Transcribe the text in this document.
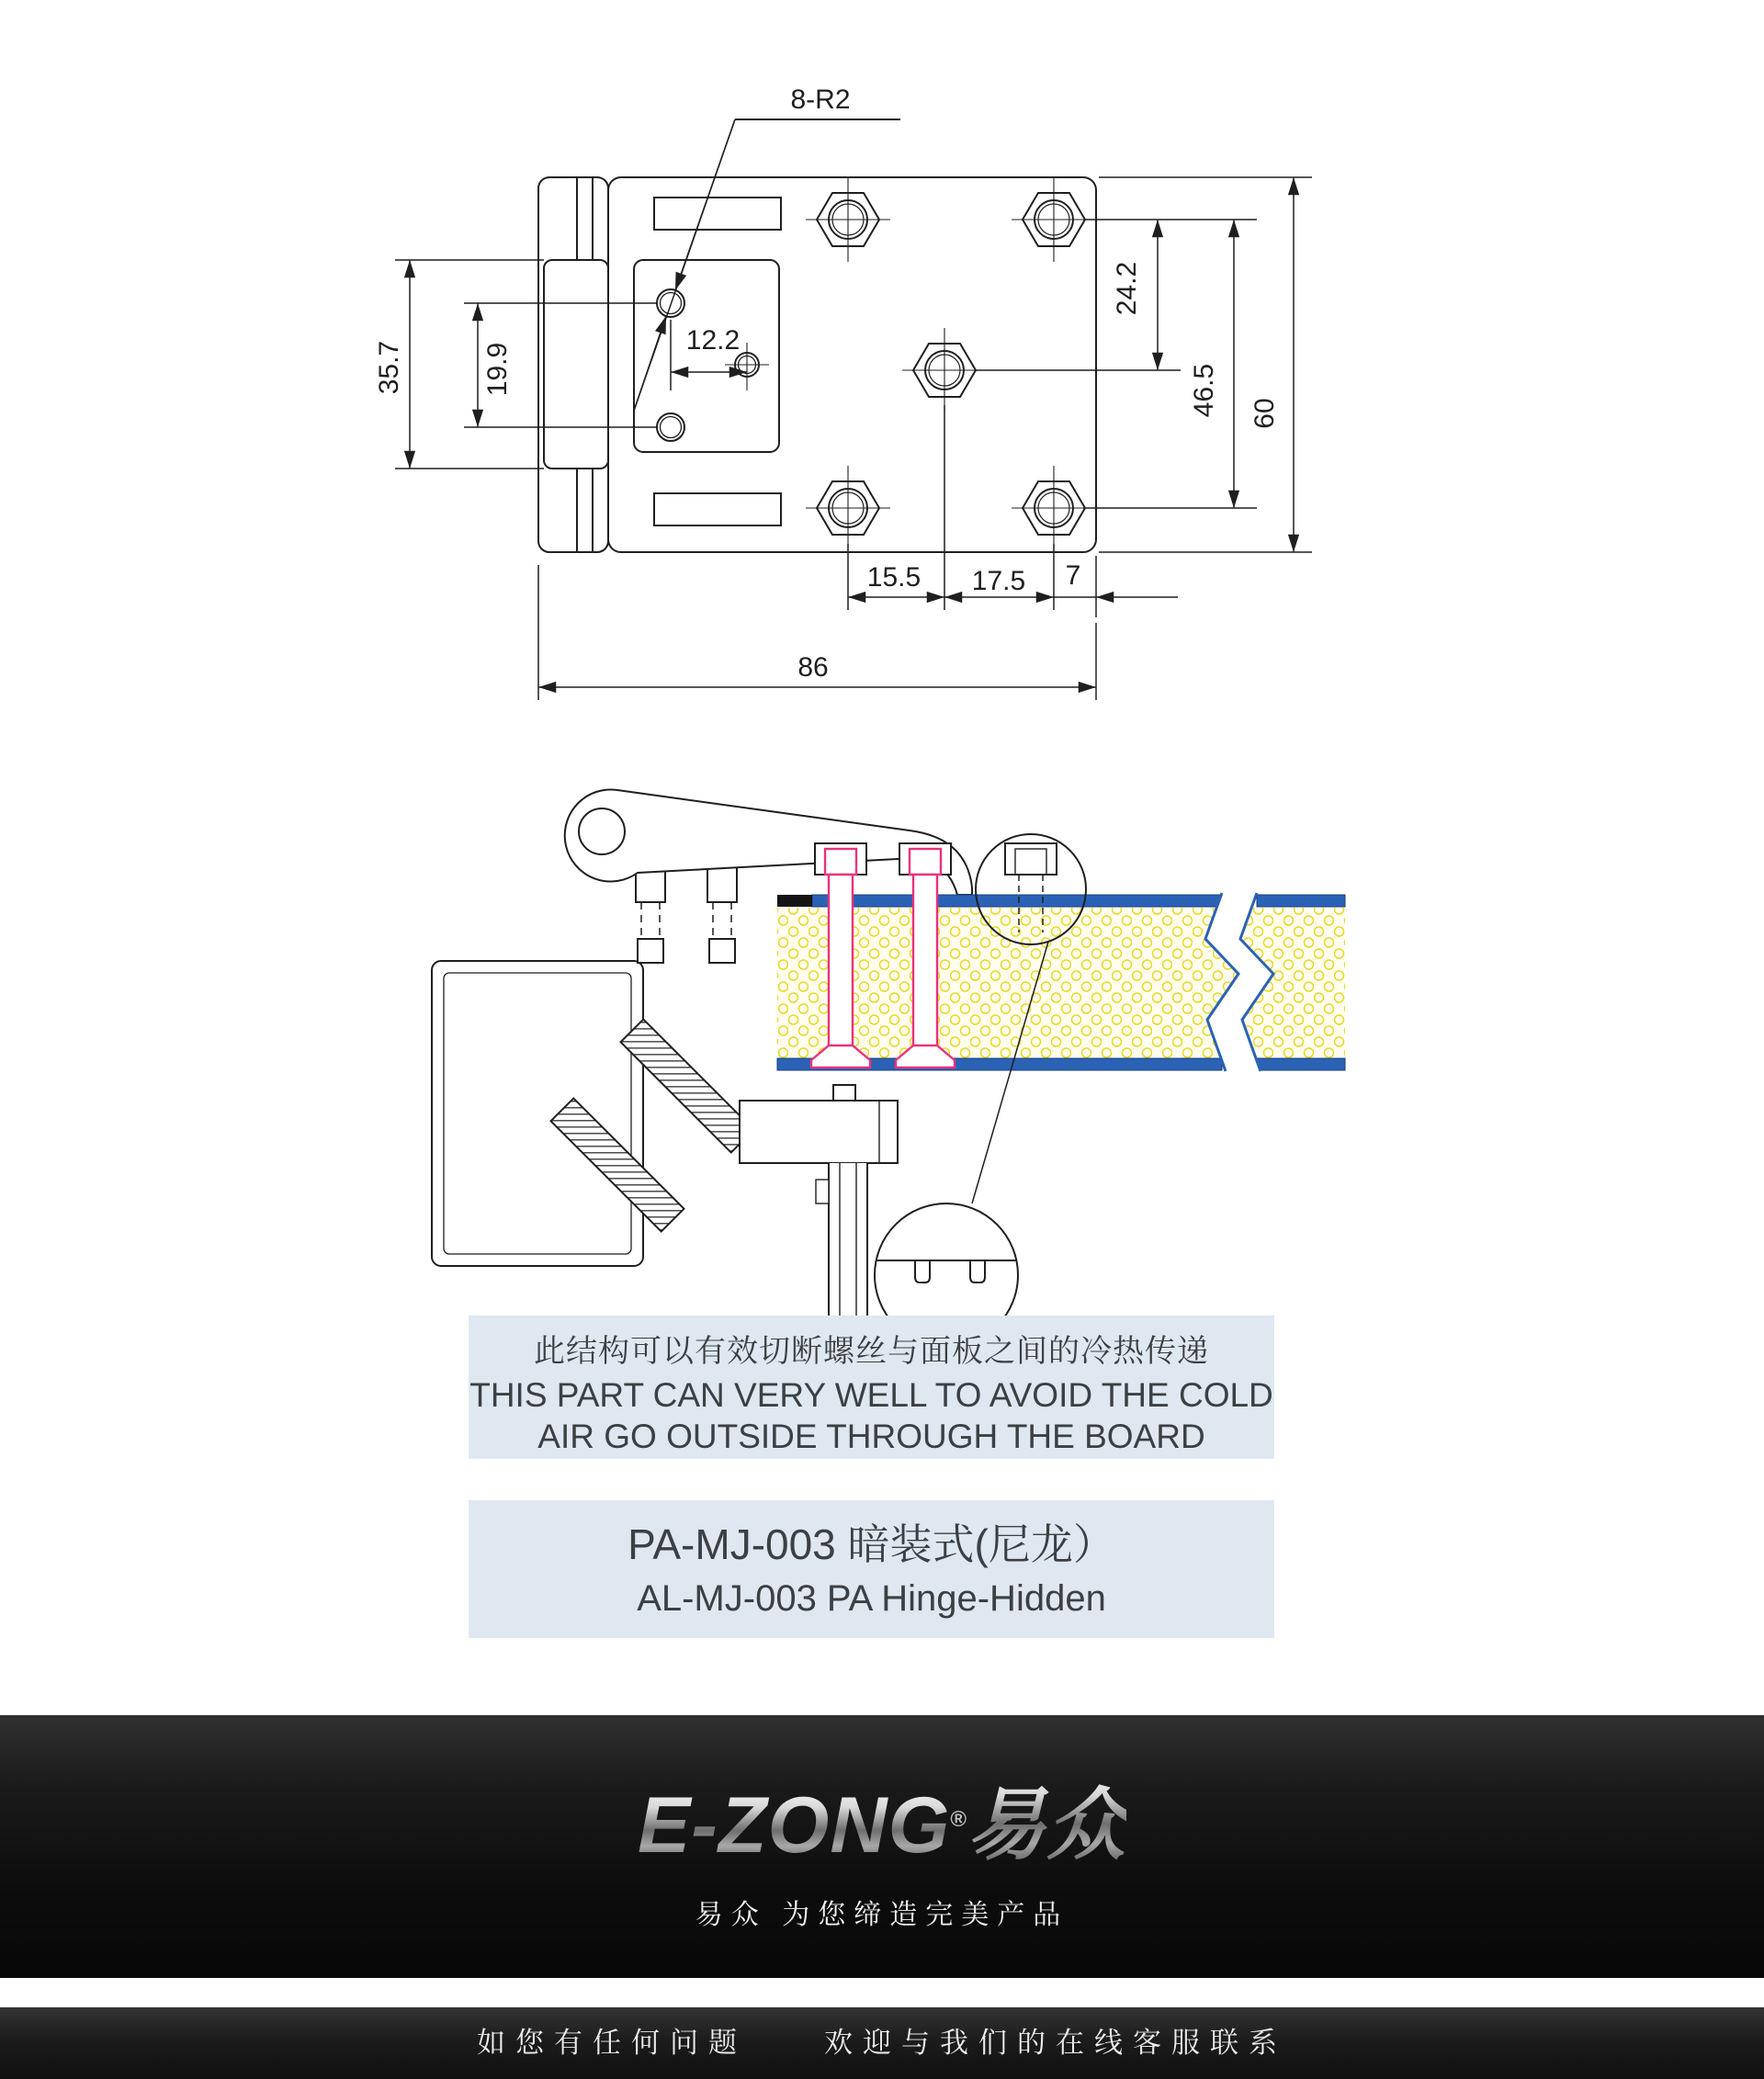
8-R2
35.7	19.9
12.2
24.2
46.5 60
15.5 17.5 7
86
此结构可以有效切断螺丝与面板之间的冷热传递
THIS PART CAN VERY WELL TO AVOID THE COLD
AIR GO OUTSIDE THROUGH THE BOARD
PA-MJ-003 暗装式(尼龙）
AL-MJ-003 PA Hinge-Hidden
E-ZONG®易众
易众 为您缔造完美产品
如您有任何问题　　欢迎与我们的在线客服联系
